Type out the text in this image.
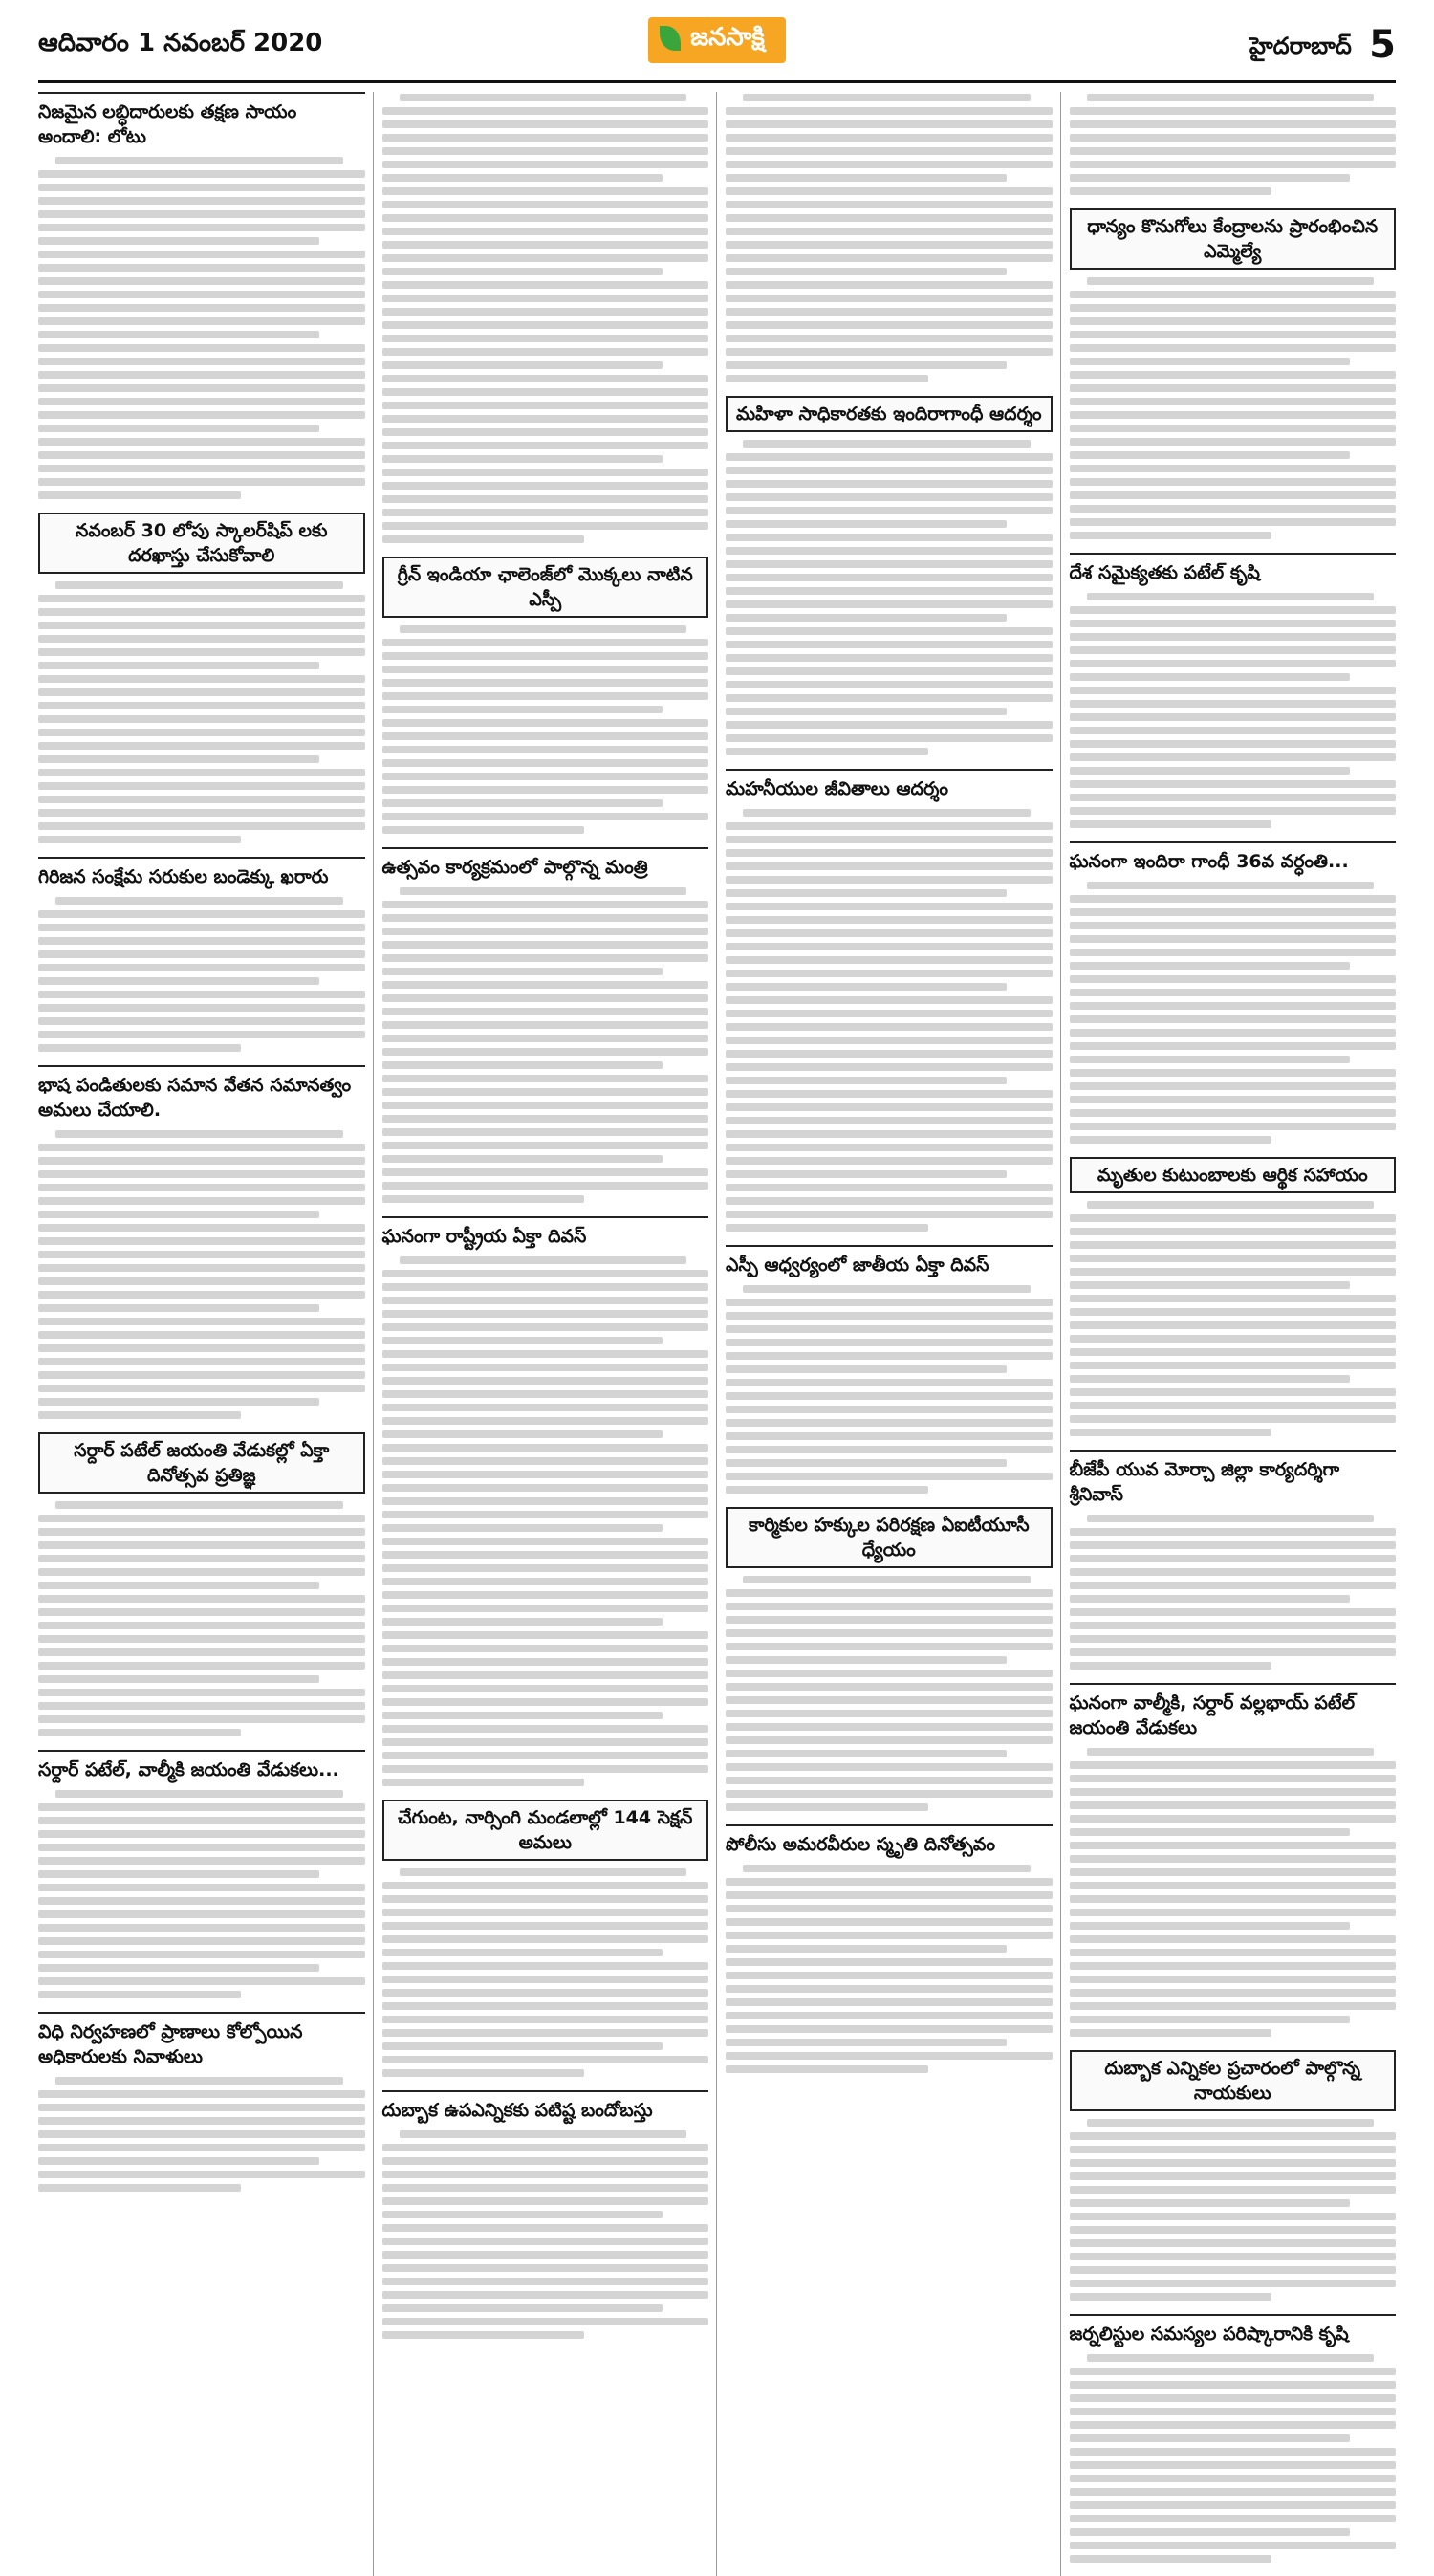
ఆదివారం 1 నవంబర్ 2020	జనసాక్షి	హైదరాబాద్ 5
నిజమైన లబ్ధిదారులకు తక్షణ సాయం అందాలి: లోటు
నవంబర్ 30 లోపు స్కాలర్‌షిప్ లకు దరఖాస్తు చేసుకోవాలి
గిరిజన సంక్షేమ సరుకుల బండెక్కు ఖరారు
భాష పండితులకు సమాన వేతన సమానత్వం అమలు చేయాలి.
సర్దార్ పటేల్ జయంతి వేడుకల్లో ఏక్తా దినోత్సవ ప్రతిజ్ఞ
సర్దార్ పటేల్, వాల్మీకి జయంతి వేడుకలు...
విధి నిర్వహణలో ప్రాణాలు కోల్పోయిన అధికారులకు నివాళులు
గ్రీన్ ఇండియా ఛాలెంజ్‌లో మొక్కలు నాటిన ఎస్పీ
ఉత్సవం కార్యక్రమంలో పాల్గొన్న మంత్రి
ఘనంగా రాష్ట్రీయ ఏక్తా దివస్
చేగుంట, నార్సింగి మండలాల్లో 144 సెక్షన్ అమలు
దుబ్బాక ఉపఎన్నికకు పటిష్ట బందోబస్తు
మహిళా సాధికారతకు ఇందిరాగాంధీ ఆదర్శం
మహనీయుల జీవితాలు ఆదర్శం
ఎస్పీ ఆధ్వర్యంలో జాతీయ ఏక్తా దివస్
కార్మికుల హక్కుల పరిరక్షణ ఏఐటీయూసీ ధ్యేయం
పోలీసు అమరవీరుల స్మృతి దినోత్సవం
ధాన్యం కొనుగోలు కేంద్రాలను ప్రారంభించిన ఎమ్మెల్యే
దేశ సమైక్యతకు పటేల్ కృషి
ఘనంగా ఇందిరా గాంధీ 36వ వర్ధంతి...
మృతుల కుటుంబాలకు ఆర్థిక సహాయం
బీజేపీ యువ మోర్చా జిల్లా కార్యదర్శిగా శ్రీనివాస్
ఘనంగా వాల్మీకి, సర్దార్ వల్లభాయ్ పటేల్ జయంతి వేడుకలు
దుబ్బాక ఎన్నికల ప్రచారంలో పాల్గొన్న నాయకులు
జర్నలిస్టుల సమస్యల పరిష్కారానికి కృషి
